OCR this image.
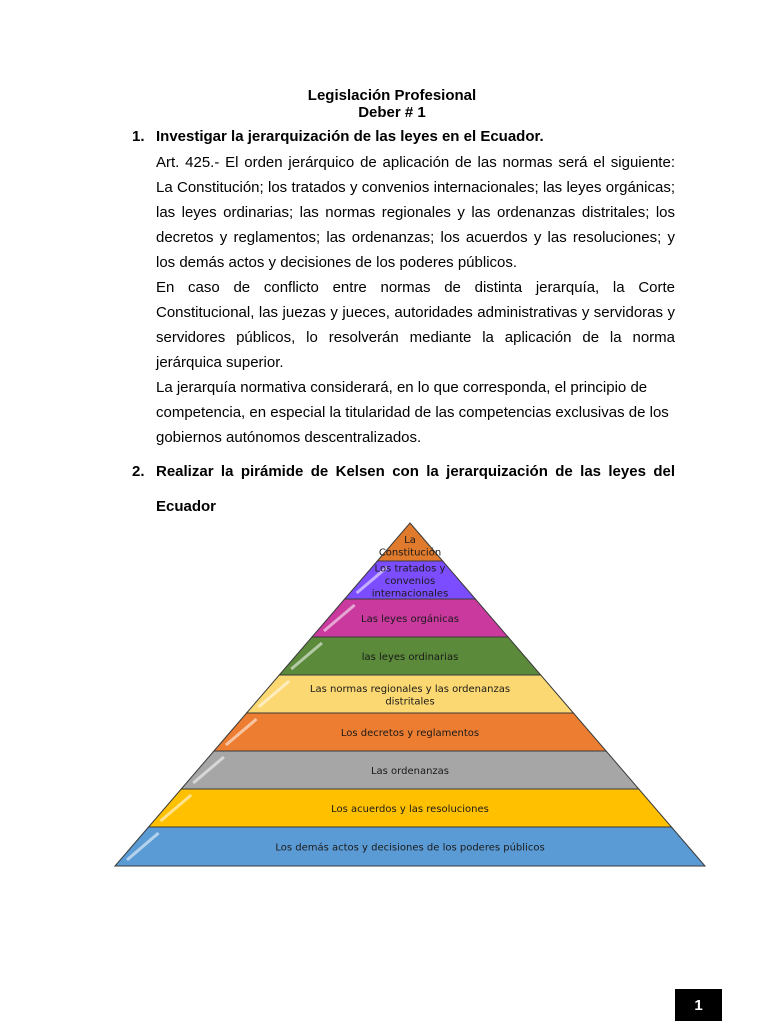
Legislación Profesional
Deber # 1
1. Investigar la jerarquización de las leyes en el Ecuador.

Art. 425.- El orden jerárquico de aplicación de las normas será el siguiente: La Constitución; los tratados y convenios internacionales; las leyes orgánicas; las leyes ordinarias; las normas regionales y las ordenanzas distritales; los decretos y reglamentos; las ordenanzas; los acuerdos y las resoluciones; y los demás actos y decisiones de los poderes públicos.

En caso de conflicto entre normas de distinta jerarquía, la Corte Constitucional, las juezas y jueces, autoridades administrativas y servidoras y servidores públicos, lo resolverán mediante la aplicación de la norma jerárquica superior.

La jerarquía normativa considerará, en lo que corresponda, el principio de competencia, en especial la titularidad de las competencias exclusivas de los gobiernos autónomos descentralizados.

2. Realizar la pirámide de Kelsen con la jerarquización de las leyes del
Ecuador
La Constitución
Los tratados y convenios internacionales
Las leyes orgánicas
las leyes ordinarias
Las normas regionales y las ordenanzas distritales
Los decretos y reglamentos
Las ordenanzas
Los acuerdos y las resoluciones
Los demás actos y decisiones de los poderes públicos
1
